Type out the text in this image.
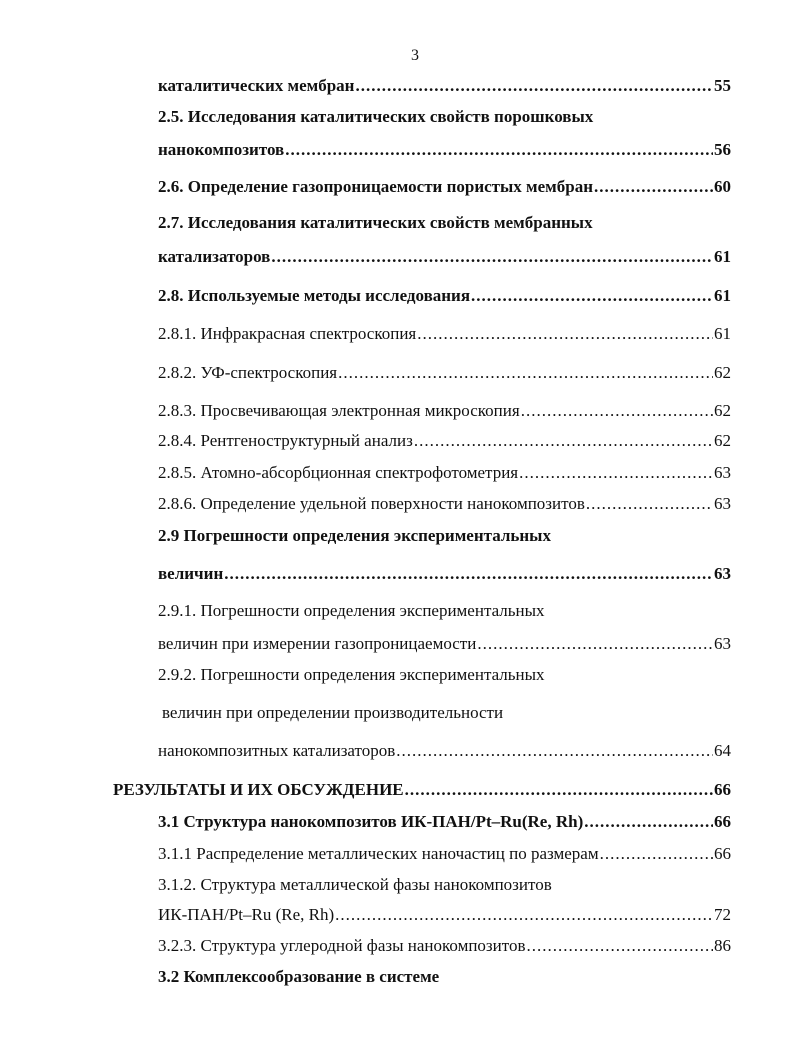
3
каталитических мембран .....	55
2.5. Исследования каталитических свойств порошковых
нанокомпозитов .....	56
2.6. Определение газопроницаемости пористых мембран .....	60
2.7. Исследования каталитических свойств мембранных
катализаторов .....	61
2.8. Используемые методы исследования .....	61
2.8.1. Инфракрасная спектроскопия .....	61
2.8.2. УФ-спектроскопия .....	62
2.8.3. Просвечивающая электронная микроскопия .....	62
2.8.4. Рентгеноструктурный анализ .....	62
2.8.5. Атомно-абсорбционная спектрофотометрия .....	63
2.8.6. Определение удельной поверхности нанокомпозитов .....	63
2.9 Погрешности определения экспериментальных
величин .....	63
2.9.1. Погрешности определения экспериментальных
величин при измерении газопроницаемости .....	63
2.9.2. Погрешности определения экспериментальных
величин при определении производительности
нанокомпозитных катализаторов .....	64
РЕЗУЛЬТАТЫ И ИХ ОБСУЖДЕНИЕ .....	66
3.1 Структура нанокомпозитов ИК-ПАН/Pt–Ru(Re, Rh) .....	66
3.1.1 Распределение металлических наночастиц по размерам .....	66
3.1.2. Структура металлической фазы нанокомпозитов
ИК-ПАН/Pt–Ru (Re, Rh) .....	72
3.2.3. Структура углеродной фазы нанокомпозитов .....	86
3.2 Комплексообразование в системе
